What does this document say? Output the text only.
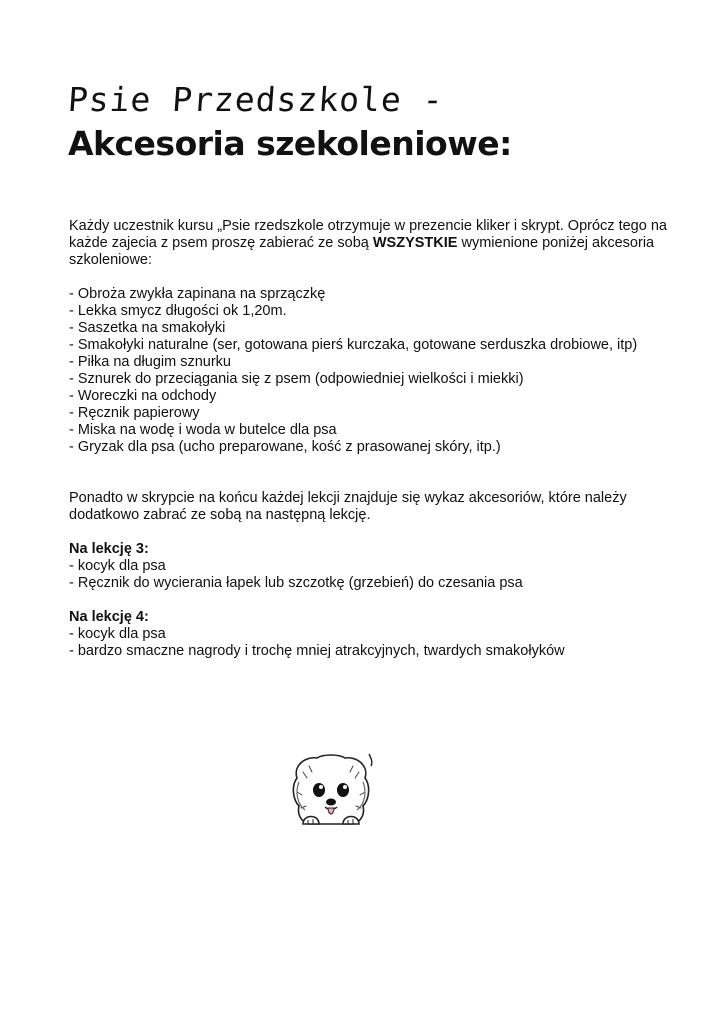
Psie Przedszkole -
Akcesoria szekoleniowe:

Każdy uczestnik kursu „Psie rzedszkole otrzymuje w prezencie kliker i skrypt. Oprócz tego na każde zajecia z psem proszę zabierać ze sobą WSZYSTKIE wymienione poniżej akcesoria szkoleniowe:

- Obroża zwykła zapinana na sprzączkę
- Lekka smycz długości ok 1,20m.
- Saszetka na smakołyki
- Smakołyki naturalne (ser, gotowana pierś kurczaka, gotowane serduszka drobiowe, itp)
- Piłka na długim sznurku
- Sznurek do przeciągania się z psem (odpowiedniej wielkości i miekki)
- Woreczki na odchody
- Ręcznik papierowy
- Miska na wodę i woda w butelce dla psa
- Gryzak dla psa (ucho preparowane, kość z prasowanej skóry, itp.)

Ponadto w skrypcie na końcu każdej lekcji znajduje się wykaz akcesoriów, które należy dodatkowo zabrać ze sobą na następną lekcję.

Na lekcję 3:
- kocyk dla psa
- Ręcznik do wycierania łapek lub szczotkę (grzebień) do czesania psa
Na lekcję 4:
- kocyk dla psa
- bardzo smaczne nagrody i trochę mniej atrakcyjnych, twardych smakołyków
